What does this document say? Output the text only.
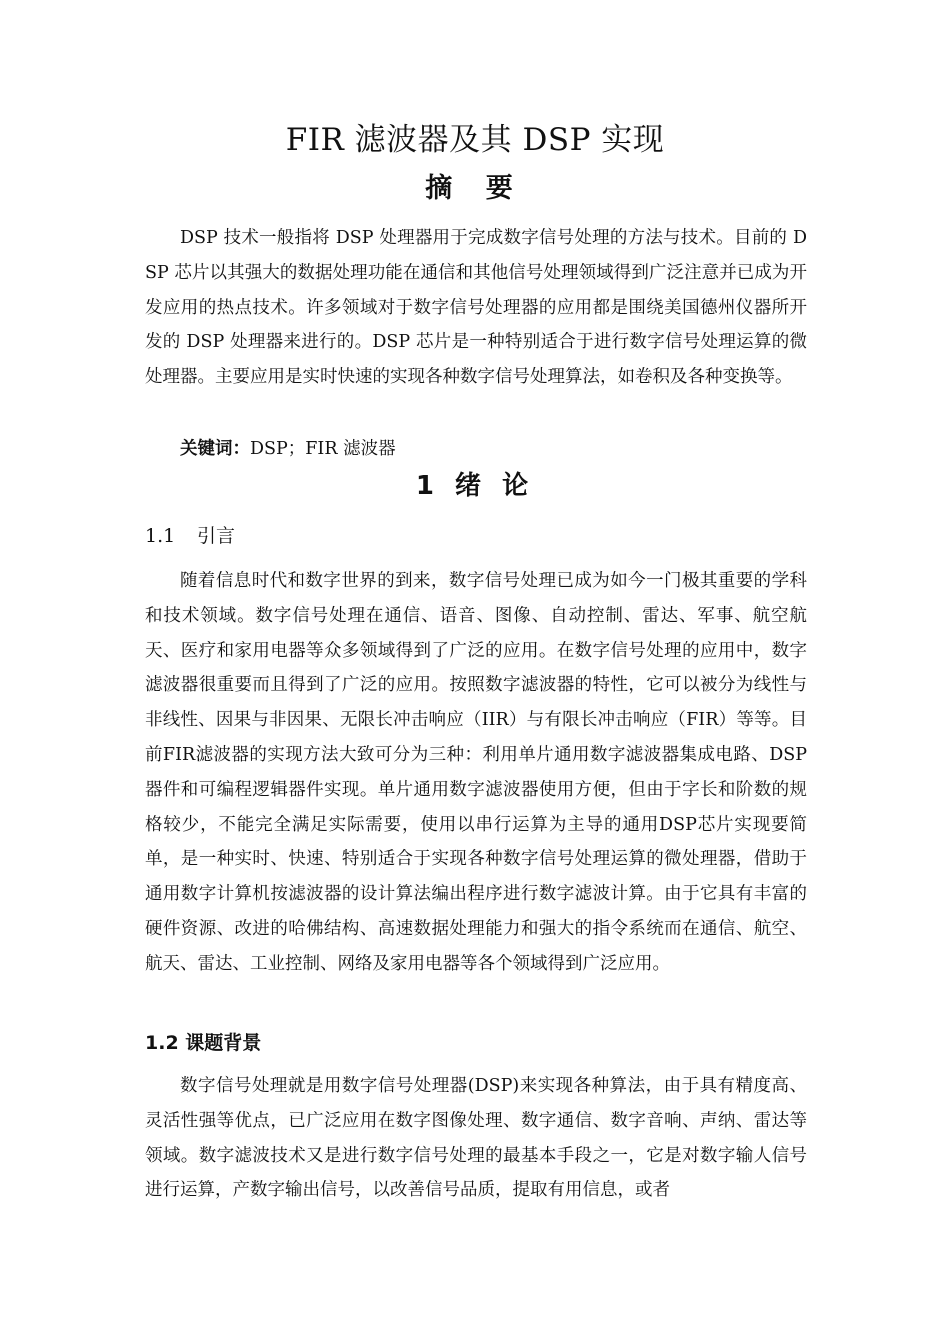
FIR 滤波器及其 DSP 实现
摘 要

DSP 技术一般指将 DSP 处理器用于完成数字信号处理的方法与技术。目前的 DSP 芯片以其强大的数据处理功能在通信和其他信号处理领域得到广泛注意并已成为开发应用的热点技术。许多领域对于数字信号处理器的应用都是围绕美国德州仪器所开发的 DSP 处理器来进行的。DSP 芯片是一种特别适合于进行数字信号处理运算的微处理器。主要应用是实时快速的实现各种数字信号处理算法，如卷积及各种变换等。

关键词：DSP；FIR 滤波器
1 绪 论
1.1 引言

随着信息时代和数字世界的到来，数字信号处理已成为如今一门极其重要的学科和技术领域。数字信号处理在通信、语音、图像、自动控制、雷达、军事、航空航天、医疗和家用电器等众多领域得到了广泛的应用。在数字信号处理的应用中，数字滤波器很重要而且得到了广泛的应用。按照数字滤波器的特性，它可以被分为线性与非线性、因果与非因果、无限长冲击响应（IIR）与有限长冲击响应（FIR）等等。目前FIR滤波器的实现方法大致可分为三种：利用单片通用数字滤波器集成电路、DSP器件和可编程逻辑器件实现。单片通用数字滤波器使用方便，但由于字长和阶数的规格较少，不能完全满足实际需要，使用以串行运算为主导的通用DSP芯片实现要简单，是一种实时、快速、特别适合于实现各种数字信号处理运算的微处理器，借助于通用数字计算机按滤波器的设计算法编出程序进行数字滤波计算。由于它具有丰富的硬件资源、改进的哈佛结构、高速数据处理能力和强大的指令系统而在通信、航空、航天、雷达、工业控制、网络及家用电器等各个领域得到广泛应用。

1.2 课题背景

数字信号处理就是用数字信号处理器(DSP)来实现各种算法，由于具有精度高、灵活性强等优点，已广泛应用在数字图像处理、数字通信、数字音响、声纳、雷达等领域。数字滤波技术又是进行数字信号处理的最基本手段之一，它是对数字输人信号进行运算，产数字输出信号，以改善信号品质，提取有用信息，或者
